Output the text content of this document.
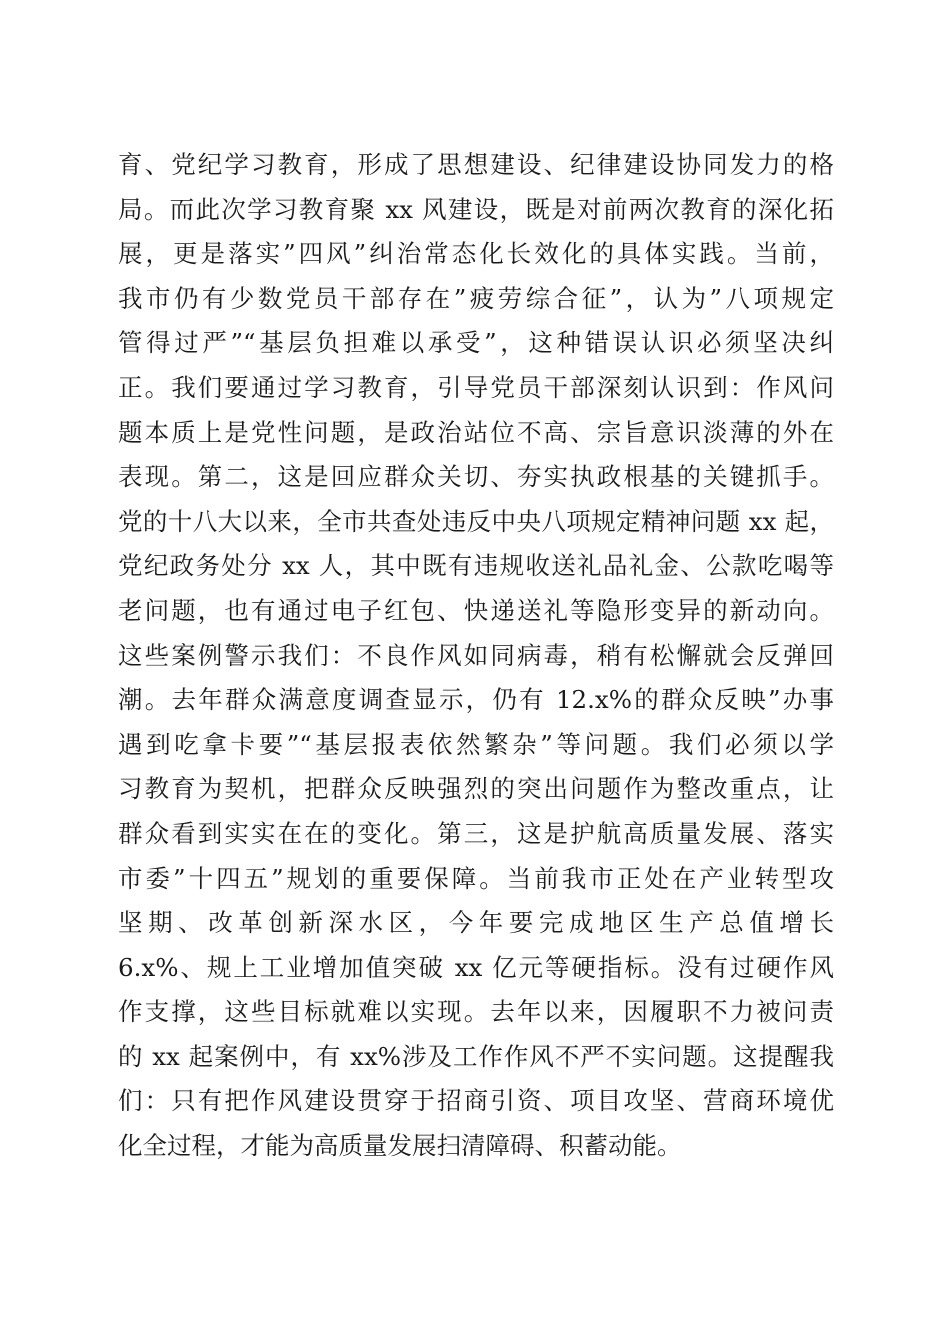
育、党纪学习教育，形成了思想建设、纪律建设协同发力的格
局。而此次学习教育聚 xx 风建设，既是对前两次教育的深化拓
展，更是落实”四风”纠治常态化长效化的具体实践。当前，
我市仍有少数党员干部存在”疲劳综合征”，认为”八项规定
管得过严”“基层负担难以承受”，这种错误认识必须坚决纠
正。我们要通过学习教育，引导党员干部深刻认识到：作风问
题本质上是党性问题，是政治站位不高、宗旨意识淡薄的外在
表现。第二，这是回应群众关切、夯实执政根基的关键抓手。
党的十八大以来，全市共查处违反中央八项规定精神问题 xx 起，
党纪政务处分 xx 人，其中既有违规收送礼品礼金、公款吃喝等
老问题，也有通过电子红包、快递送礼等隐形变异的新动向。
这些案例警示我们：不良作风如同病毒，稍有松懈就会反弹回
潮。去年群众满意度调查显示，仍有 12.x%的群众反映”办事
遇到吃拿卡要”“基层报表依然繁杂”等问题。我们必须以学
习教育为契机，把群众反映强烈的突出问题作为整改重点，让
群众看到实实在在的变化。第三，这是护航高质量发展、落实
市委”十四五”规划的重要保障。当前我市正处在产业转型攻
坚期、改革创新深水区，今年要完成地区生产总值增长
6.x%、规上工业增加值突破 xx 亿元等硬指标。没有过硬作风
作支撑，这些目标就难以实现。去年以来，因履职不力被问责
的 xx 起案例中，有 xx%涉及工作作风不严不实问题。这提醒我
们：只有把作风建设贯穿于招商引资、项目攻坚、营商环境优
化全过程，才能为高质量发展扫清障碍、积蓄动能。
